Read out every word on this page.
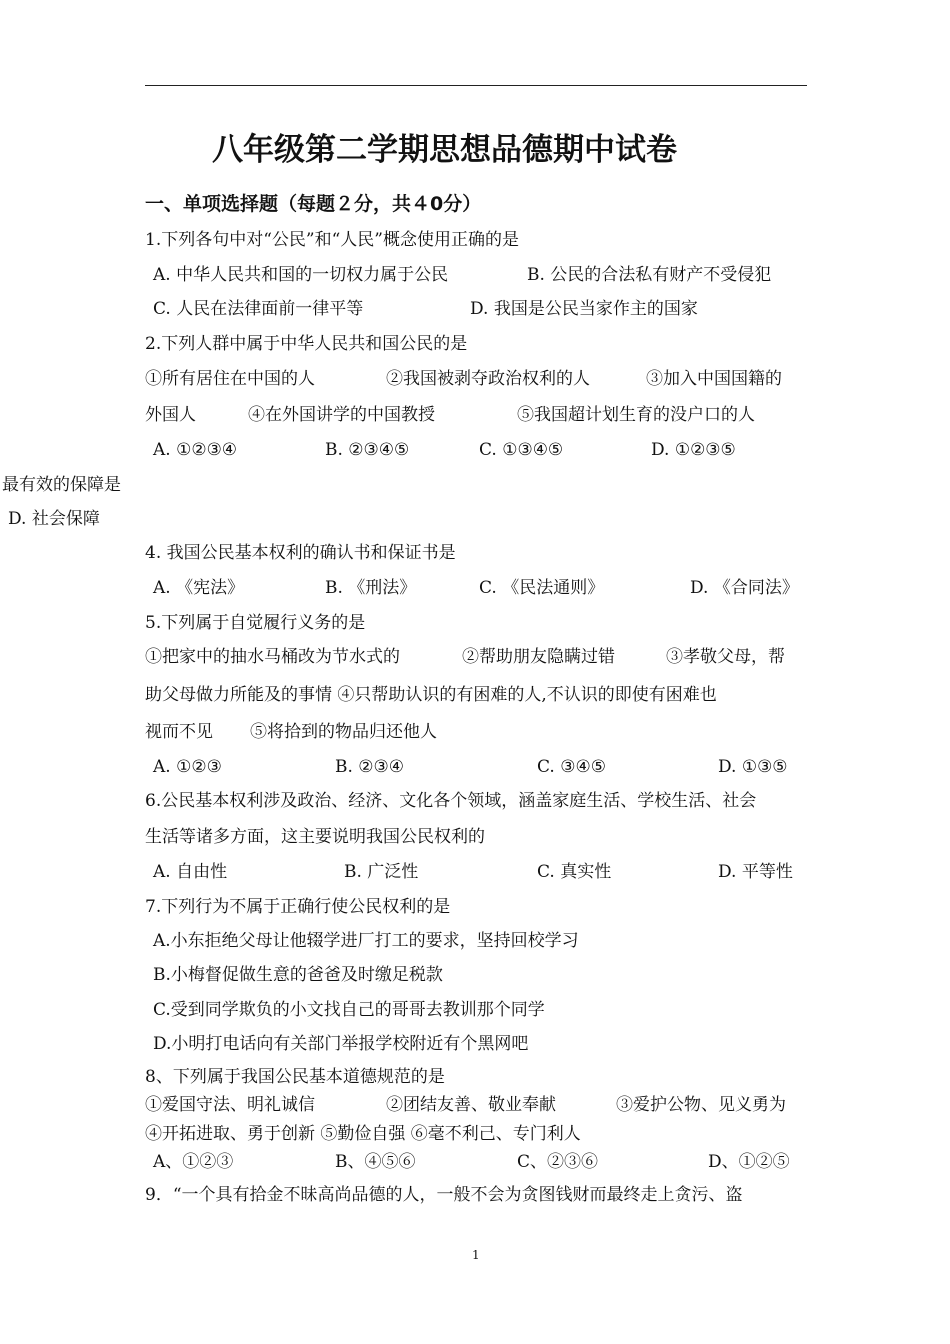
八年级第二学期思想品德期中试卷
一、单项选择题（每题２分，共４0分）
1.下列各句中对“公民”和“人民”概念使用正确的是
A. 中华人民共和国的一切权力属于公民	B. 公民的合法私有财产不受侵犯
C. 人民在法律面前一律平等	D. 我国是公民当家作主的国家
2.下列人群中属于中华人民共和国公民的是
①所有居住在中国的人	②我国被剥夺政治权利的人	③加入中国国籍的
外国人	④在外国讲学的中国教授	⑤我国超计划生育的没户口的人
A. ①②③④	B. ②③④⑤	C. ①③④⑤	D. ①②③⑤
最有效的保障是
D. 社会保障
4. 我国公民基本权利的确认书和保证书是
A. 《宪法》	B. 《刑法》	C. 《民法通则》	D. 《合同法》
5.下列属于自觉履行义务的是
①把家中的抽水马桶改为节水式的	②帮助朋友隐瞒过错	③孝敬父母，帮
助父母做力所能及的事情 ④只帮助认识的有困难的人,不认识的即使有困难也
视而不见 ⑤将拾到的物品归还他人
A. ①②③	B. ②③④	C. ③④⑤	D. ①③⑤
6.公民基本权利涉及政治、经济、文化各个领域，涵盖家庭生活、学校生活、社会
生活等诸多方面，这主要说明我国公民权利的
A. 自由性	B. 广泛性	C. 真实性	D. 平等性
7.下列行为不属于正确行使公民权利的是
A.小东拒绝父母让他辍学进厂打工的要求，坚持回校学习
B.小梅督促做生意的爸爸及时缴足税款
C.受到同学欺负的小文找自己的哥哥去教训那个同学
D.小明打电话向有关部门举报学校附近有个黑网吧
8、下列属于我国公民基本道德规范的是
①爱国守法、明礼诚信	②团结友善、敬业奉献	③爱护公物、见义勇为
④开拓进取、勇于创新 ⑤勤俭自强 ⑥毫不利己、专门利人
A、①②③	B、④⑤⑥	C、②③⑥	D、①②⑤
9．“一个具有拾金不昧高尚品德的人，一般不会为贪图钱财而最终走上贪污、盗
1
